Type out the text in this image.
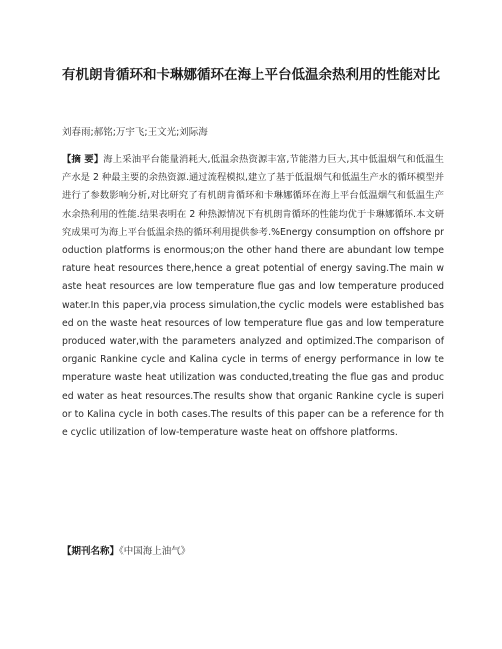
有机朗肯循环和卡琳娜循环在海上平台低温余热利用的性能对比
刘春雨;郝铭;万宇飞;王文光;刘际海
【摘 要】海上采油平台能量消耗大,低温余热资源丰富,节能潜力巨大,其中低温烟气和低温生产水是 2 种最主要的余热资源.通过流程模拟,建立了基于低温烟气和低温生产水的循环模型并进行了参数影响分析,对比研究了有机朗肯循环和卡琳娜循环在海上平台低温烟气和低温生产水余热利用的性能.结果表明在 2 种热源情况下有机朗肯循环的性能均优于卡琳娜循环.本文研究成果可为海上平台低温余热的循环利用提供参考.%Energy consumption on offshore production platforms is enormous;on the other hand there are abundant low temperature heat resources there,hence a great potential of energy saving.The main waste heat resources are low temperature flue gas and low temperature produced water.In this paper,via process simulation,the cyclic models were established based on the waste heat resources of low temperature flue gas and low temperature produced water,with the parameters analyzed and optimized.The comparison of organic Rankine cycle and Kalina cycle in terms of energy performance in low temperature waste heat utilization was conducted,treating the flue gas and produced water as heat resources.The results show that organic Rankine cycle is superior to Kalina cycle in both cases.The results of this paper can be a reference for the cyclic utilization of low-temperature waste heat on offshore platforms.
【期刊名称】《中国海上油气》
